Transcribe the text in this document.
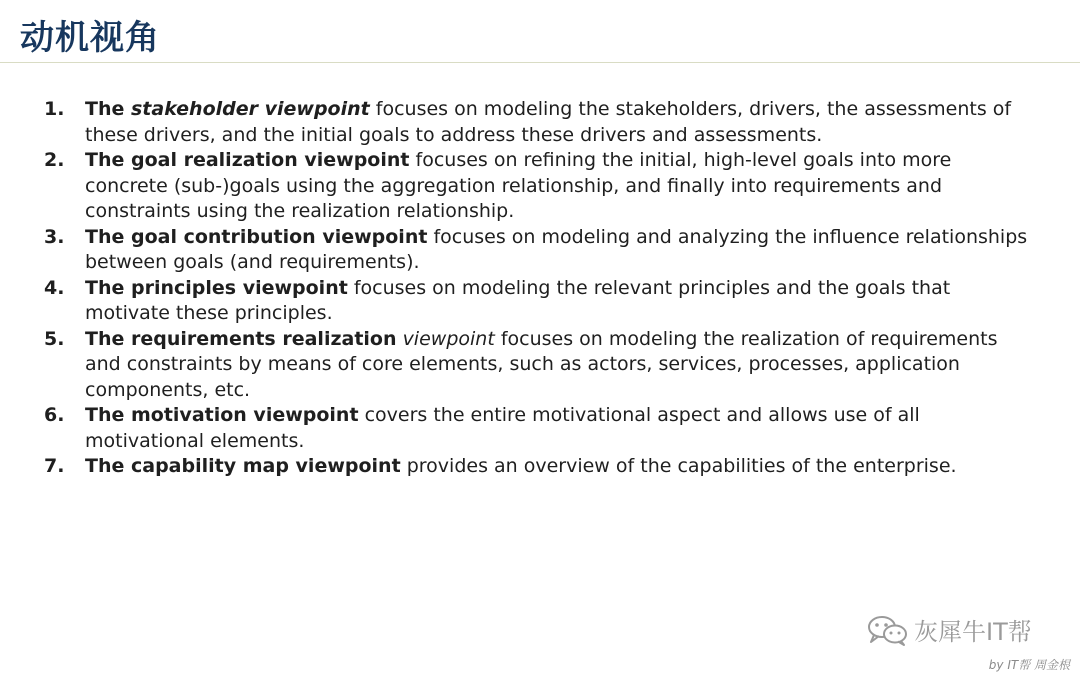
动机视角
1. The stakeholder viewpoint focuses on modeling the stakeholders, drivers, the assessments of these drivers, and the initial goals to address these drivers and assessments.
2. The goal realization viewpoint focuses on refining the initial, high-level goals into more concrete (sub-)goals using the aggregation relationship, and finally into requirements and constraints using the realization relationship.
3. The goal contribution viewpoint focuses on modeling and analyzing the influence relationships between goals (and requirements).
4. The principles viewpoint focuses on modeling the relevant principles and the goals that motivate these principles.
5. The requirements realization viewpoint focuses on modeling the realization of requirements and constraints by means of core elements, such as actors, services, processes, application components, etc.
6. The motivation viewpoint covers the entire motivational aspect and allows use of all motivational elements.
7. The capability map viewpoint provides an overview of the capabilities of the enterprise.
灰犀牛IT帮
by IT帮 周金根
